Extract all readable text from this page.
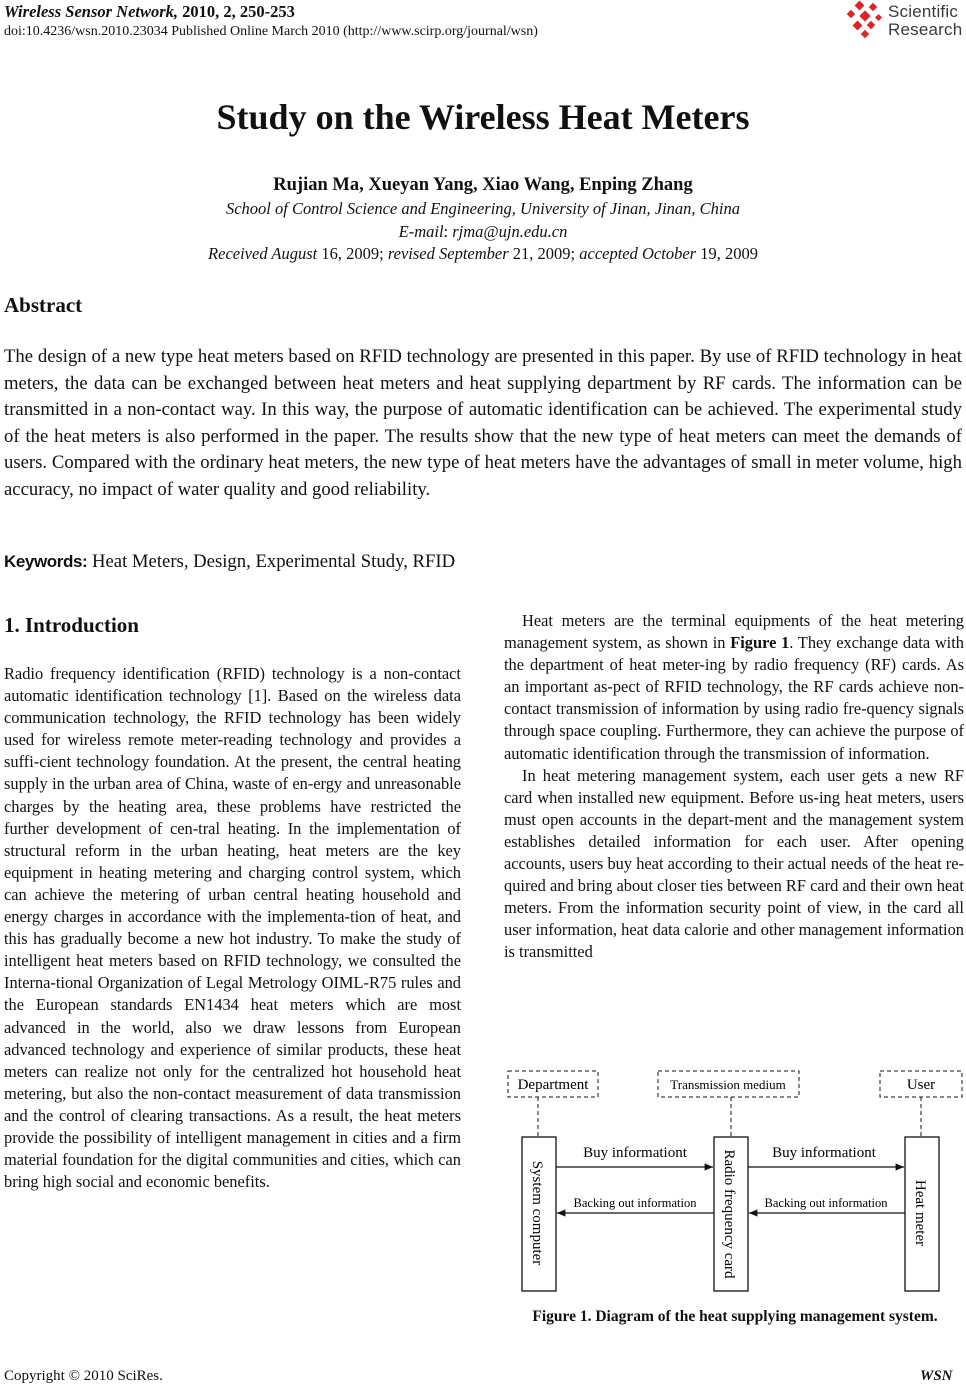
Wireless Sensor Network, 2010, 2, 250-253
doi:10.4236/wsn.2010.23034 Published Online March 2010 (http://www.scirp.org/journal/wsn)
Scientific
Research
Study on the Wireless Heat Meters
Rujian Ma, Xueyan Yang, Xiao Wang, Enping Zhang
School of Control Science and Engineering, University of Jinan, Jinan, China
E-mail: rjma@ujn.edu.cn
Received August 16, 2009; revised September 21, 2009; accepted October 19, 2009
Abstract
The design of a new type heat meters based on RFID technology are presented in this paper. By use of RFID technology in heat meters, the data can be exchanged between heat meters and heat supplying department by RF cards. The information can be transmitted in a non-contact way. In this way, the purpose of automatic identification can be achieved. The experimental study of the heat meters is also performed in the paper. The results show that the new type of heat meters can meet the demands of users. Compared with the ordinary heat meters, the new type of heat meters have the advantages of small in meter volume, high accuracy, no impact of water quality and good reliability.
Keywords: Heat Meters, Design, Experimental Study, RFID
1. Introduction
Radio frequency identification (RFID) technology is a non-contact automatic identification technology [1]. Based on the wireless data communication technology, the RFID technology has been widely used for wireless remote meter-reading technology and provides a suffi-cient technology foundation. At the present, the central heating supply in the urban area of China, waste of en-ergy and unreasonable charges by the heating area, these problems have restricted the further development of cen-tral heating. In the implementation of structural reform in the urban heating, heat meters are the key equipment in heating metering and charging control system, which can achieve the metering of urban central heating household and energy charges in accordance with the implementa-tion of heat, and this has gradually become a new hot industry. To make the study of intelligent heat meters based on RFID technology, we consulted the Interna-tional Organization of Legal Metrology OIML-R75 rules and the European standards EN1434 heat meters which are most advanced in the world, also we draw lessons from European advanced technology and experience of similar products, these heat meters can realize not only for the centralized hot household heat metering, but also the non-contact measurement of data transmission and the control of clearing transactions. As a result, the heat meters provide the possibility of intelligent management in cities and a firm material foundation for the digital communities and cities, which can bring high social and economic benefits.

Heat meters are the terminal equipments of the heat metering management system, as shown in Figure 1. They exchange data with the department of heat meter-ing by radio frequency (RF) cards. As an important as-pect of RFID technology, the RF cards achieve non-contact transmission of information by using radio fre-quency signals through space coupling. Furthermore, they can achieve the purpose of automatic identification through the transmission of information.

In heat metering management system, each user gets a new RF card when installed new equipment. Before us-ing heat meters, users must open accounts in the depart-ment and the management system establishes detailed information for each user. After opening accounts, users buy heat according to their actual needs of the heat re-quired and bring about closer ties between RF card and their own heat meters. From the information security point of view, in the card all user information, heat data calorie and other management information is transmitted

Department	Transmission medium	User
System computer	Radio frequency card	Heat meter
Buy informationt	Buy informationt
Backing out information	Backing out information
Figure 1. Diagram of the heat supplying management system.
Copyright © 2010 SciRes.	WSN
